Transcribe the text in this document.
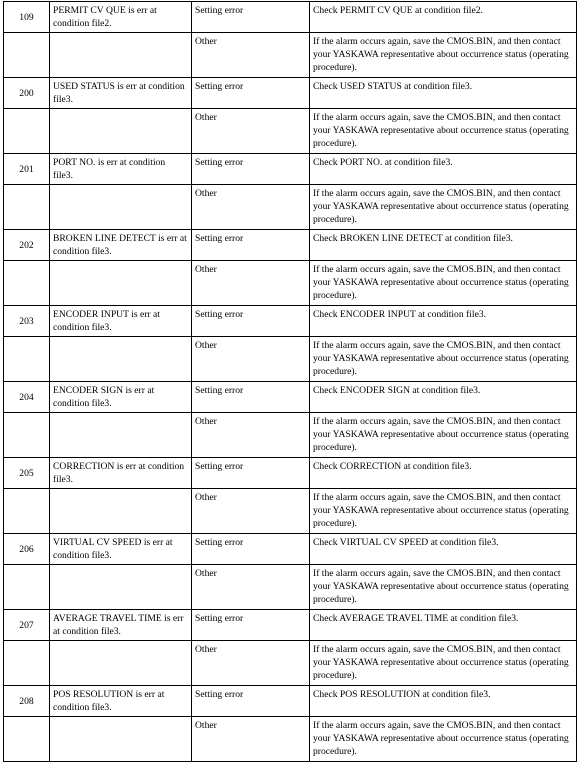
109	PERMIT CV QUE is err at condition file2.	Setting error	Check PERMIT CV QUE at condition file2.
		Other	If the alarm occurs again, save the CMOS.BIN, and then contact your YASKAWA representative about occurrence status (operating procedure).
200	USED STATUS is err at condition file3.	Setting error	Check USED STATUS at condition file3.
		Other	If the alarm occurs again, save the CMOS.BIN, and then contact your YASKAWA representative about occurrence status (operating procedure).
201	PORT NO. is err at condition file3.	Setting error	Check PORT NO. at condition file3.
		Other	If the alarm occurs again, save the CMOS.BIN, and then contact your YASKAWA representative about occurrence status (operating procedure).
202	BROKEN LINE DETECT is err at condition file3.	Setting error	Check BROKEN LINE DETECT at condition file3.
		Other	If the alarm occurs again, save the CMOS.BIN, and then contact your YASKAWA representative about occurrence status (operating procedure).
203	ENCODER INPUT is err at condition file3.	Setting error	Check ENCODER INPUT at condition file3.
		Other	If the alarm occurs again, save the CMOS.BIN, and then contact your YASKAWA representative about occurrence status (operating procedure).
204	ENCODER SIGN is err at condition file3.	Setting error	Check ENCODER SIGN at condition file3.
		Other	If the alarm occurs again, save the CMOS.BIN, and then contact your YASKAWA representative about occurrence status (operating procedure).
205	CORRECTION is err at condition file3.	Setting error	Check CORRECTION at condition file3.
		Other	If the alarm occurs again, save the CMOS.BIN, and then contact your YASKAWA representative about occurrence status (operating procedure).
206	VIRTUAL CV SPEED is err at condition file3.	Setting error	Check VIRTUAL CV SPEED at condition file3.
		Other	If the alarm occurs again, save the CMOS.BIN, and then contact your YASKAWA representative about occurrence status (operating procedure).
207	AVERAGE TRAVEL TIME is err at condition file3.	Setting error	Check AVERAGE TRAVEL TIME at condition file3.
		Other	If the alarm occurs again, save the CMOS.BIN, and then contact your YASKAWA representative about occurrence status (operating procedure).
208	POS RESOLUTION is err at condition file3.	Setting error	Check POS RESOLUTION at condition file3.
		Other	If the alarm occurs again, save the CMOS.BIN, and then contact your YASKAWA representative about occurrence status (operating procedure).
